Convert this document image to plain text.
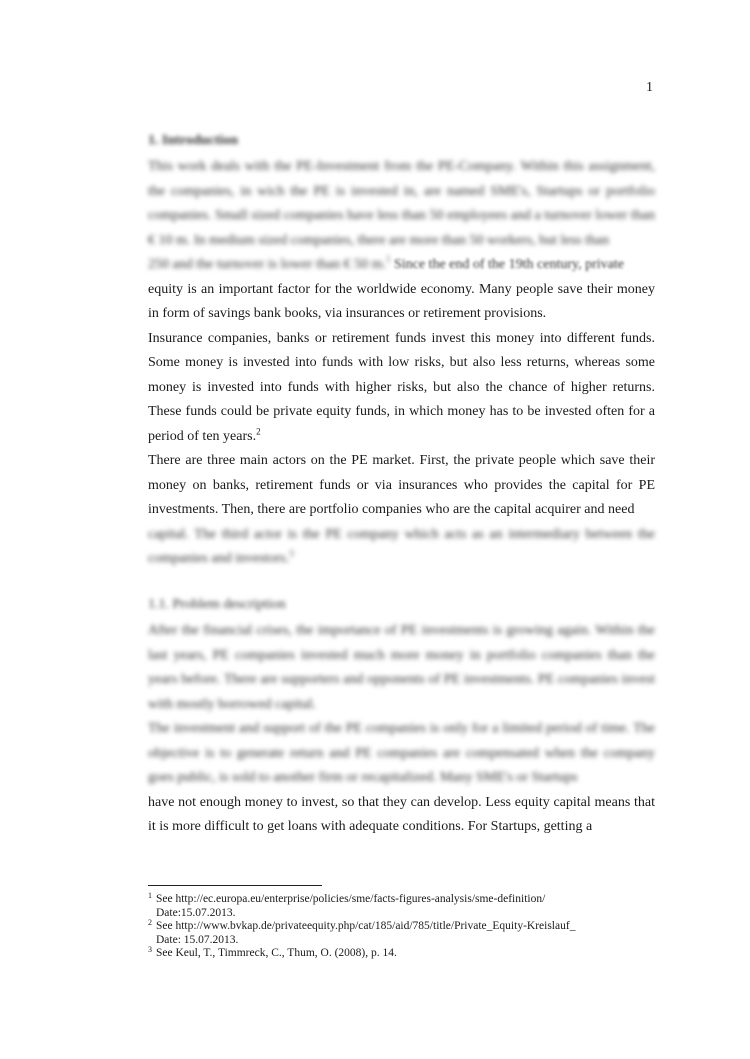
1
1. Introduction

This work deals with the PE-Investment from the PE-Company. Within this assignment, the companies, in wich the PE is invested in, are named SME's, Startups or portfolio companies. Small sized companies have less than 50 employees and a turnover lower than € 10 m. In medium sized companies, there are more than 50 workers, but less than

250 and the turnover is lower than € 50 m.$^1$ Since the end of the 19th century, private

equity is an important factor for the worldwide economy. Many people save their money in form of savings bank books, via insurances or retirement provisions.

Insurance companies, banks or retirement funds invest this money into different funds. Some money is invested into funds with low risks, but also less returns, whereas some money is invested into funds with higher risks, but also the chance of higher returns. These funds could be private equity funds, in which money has to be invested often for a period of ten years.$^2$

There are three main actors on the PE market. First, the private people which save their money on banks, retirement funds or via insurances who provides the capital for PE investments. Then, there are portfolio companies who are the capital acquirer and need

capital. The third actor is the PE company which acts as an intermediary between the companies and investors.$^3$

1.1. Problem description

After the financial crises, the importance of PE investments is growing again. Within the last years, PE companies invested much more money in portfolio companies than the years before. There are supporters and opponents of PE investments. PE companies invest with mostly borrowed capital.

The investment and support of the PE companies is only for a limited period of time. The objective is to generate return and PE companies are compensated when the company goes public, is sold to another firm or recapitalized. Many SME's or Startups

have not enough money to invest, so that they can develop. Less equity capital means that it is more difficult to get loans with adequate conditions. For Startups, getting a

1 See http://ec.europa.eu/enterprise/policies/sme/facts-figures-analysis/sme-definition/
Date:15.07.2013.
2 See http://www.bvkap.de/privateequity.php/cat/185/aid/785/title/Private_Equity-Kreislauf_
Date: 15.07.2013.
3 See Keul, T., Timmreck, C., Thum, O. (2008), p. 14.
